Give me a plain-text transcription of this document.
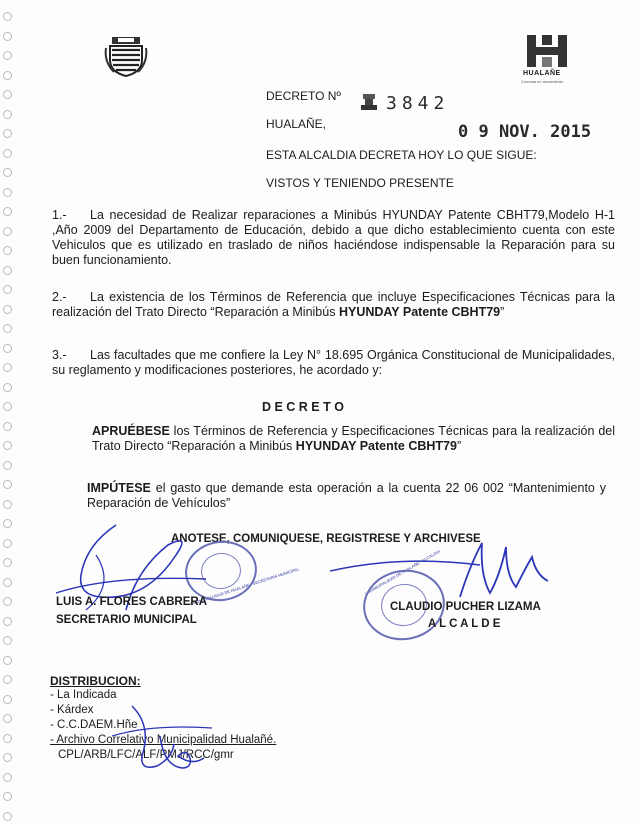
HUALAÑE
Comuna en movimiento
DECRETO Nº	3842
HUALAÑE,	0 9 NOV. 2015
ESTA ALCALDIA DECRETA HOY LO QUE SIGUE:
VISTOS Y TENIENDO PRESENTE
1.-	La necesidad de Realizar reparaciones a Minibús HYUNDAY Patente CBHT79,Modelo H-1 ,Año 2009 del Departamento de Educación, debido a que dicho establecimiento cuenta con este Vehiculos que es utilizado en traslado de niños haciéndose indispensable la Reparación para su buen funcionamiento.
2.-	La existencia de los Términos de Referencia que incluye Especificaciones Técnicas para la realización del Trato Directo “Reparación a Minibús HYUNDAY Patente CBHT79”
3.-	Las facultades que me confiere la Ley N° 18.695 Orgánica Constitucional de Municipalidades, su reglamento y modificaciones posteriores, he acordado y:
D E C R E T O
APRUÉBESE los Términos de Referencia y Especificaciones Técnicas para la realización del Trato Directo “Reparación a Minibús HYUNDAY Patente CBHT79”
IMPÚTESE el gasto que demande esta operación a la cuenta 22 06 002 “Mantenimiento y Reparación de Vehículos”
ANOTESE, COMUNIQUESE, REGISTRESE Y ARCHIVESE
I. MUNICIPALIDAD DE HUALAÑE · SECRETARIA MUNICIPAL	I. MUNICIPALIDAD DE HUALAÑE · ALCALDIA
LUIS A. FLORES CABRERA
SECRETARIO MUNICIPAL
CLAUDIO PUCHER LIZAMA
A L C A L D E
DISTRIBUCION:
- La Indicada
- Kárdex
- C.C.DAEM.Hñe
- Archivo Correlativo Municipalidad Hualañé.
CPL/ARB/LFC/ALF/PMJ/RCC/gmr
